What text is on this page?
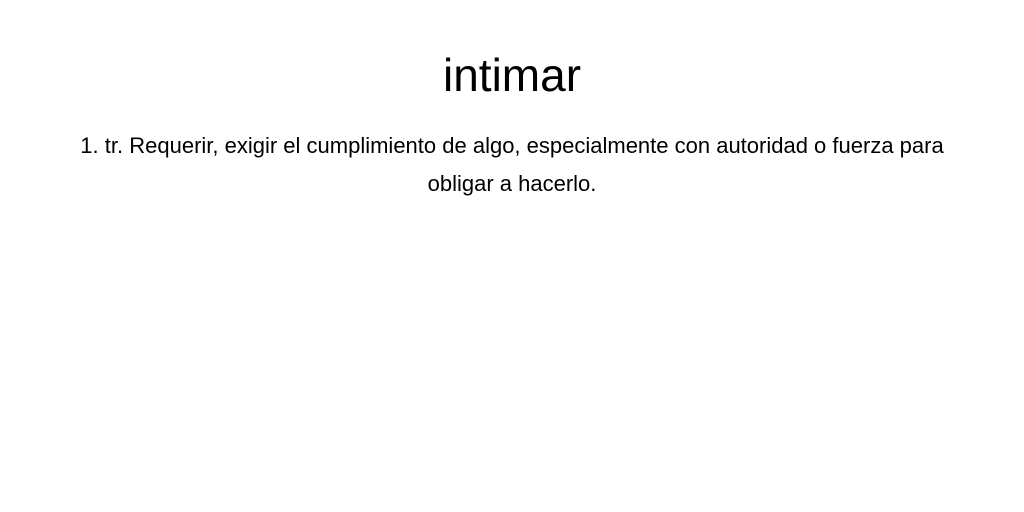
intimar

1. tr. Requerir, exigir el cumplimiento de algo, especialmente con autoridad o fuerza para obligar a hacerlo.
